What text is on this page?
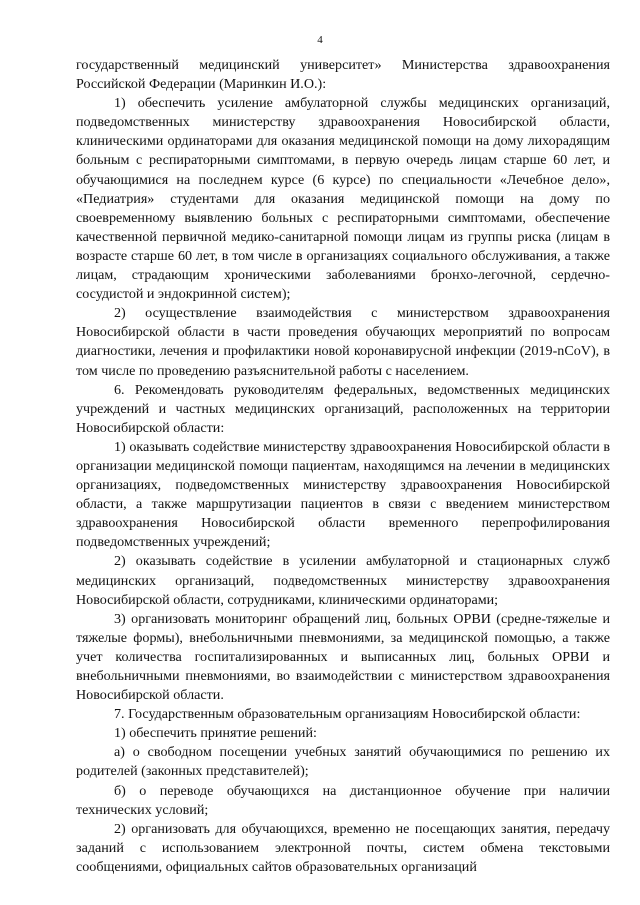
4

государственный медицинский университет» Министерства здравоохранения Российской Федерации (Маринкин И.О.):

1) обеспечить усиление амбулаторной службы медицинских организаций, подведомственных министерству здравоохранения Новосибирской области, клиническими ординаторами для оказания медицинской помощи на дому лихорадящим больным с респираторными симптомами, в первую очередь лицам старше 60 лет, и обучающимися на последнем курсе (6 курсе) по специальности «Лечебное дело», «Педиатрия» студентами для оказания медицинской помощи на дому по своевременному выявлению больных с респираторными симптомами, обеспечение качественной первичной медико-санитарной помощи лицам из группы риска (лицам в возрасте старше 60 лет, в том числе в организациях социального обслуживания, а также лицам, страдающим хроническими заболеваниями бронхо-легочной, сердечно-сосудистой и эндокринной систем);

2) осуществление взаимодействия с министерством здравоохранения Новосибирской области в части проведения обучающих мероприятий по вопросам диагностики, лечения и профилактики новой коронавирусной инфекции (2019-nCoV), в том числе по проведению разъяснительной работы с населением.

6. Рекомендовать руководителям федеральных, ведомственных медицинских учреждений и частных медицинских организаций, расположенных на территории Новосибирской области:

1) оказывать содействие министерству здравоохранения Новосибирской области в организации медицинской помощи пациентам, находящимся на лечении в медицинских организациях, подведомственных министерству здравоохранения Новосибирской области, а также маршрутизации пациентов в связи с введением министерством здравоохранения Новосибирской области временного перепрофилирования подведомственных учреждений;

2) оказывать содействие в усилении амбулаторной и стационарных служб медицинских организаций, подведомственных министерству здравоохранения Новосибирской области, сотрудниками, клиническими ординаторами;

3) организовать мониторинг обращений лиц, больных ОРВИ (средне-тяжелые и тяжелые формы), внебольничными пневмониями, за медицинской помощью, а также учет количества госпитализированных и выписанных лиц, больных ОРВИ и внебольничными пневмониями, во взаимодействии с министерством здравоохранения Новосибирской области.

7. Государственным образовательным организациям Новосибирской области:

1) обеспечить принятие решений:

а) о свободном посещении учебных занятий обучающимися по решению их родителей (законных представителей);

б) о переводе обучающихся на дистанционное обучение при наличии технических условий;

2) организовать для обучающихся, временно не посещающих занятия, передачу заданий с использованием электронной почты, систем обмена текстовыми сообщениями, официальных сайтов образовательных организаций
